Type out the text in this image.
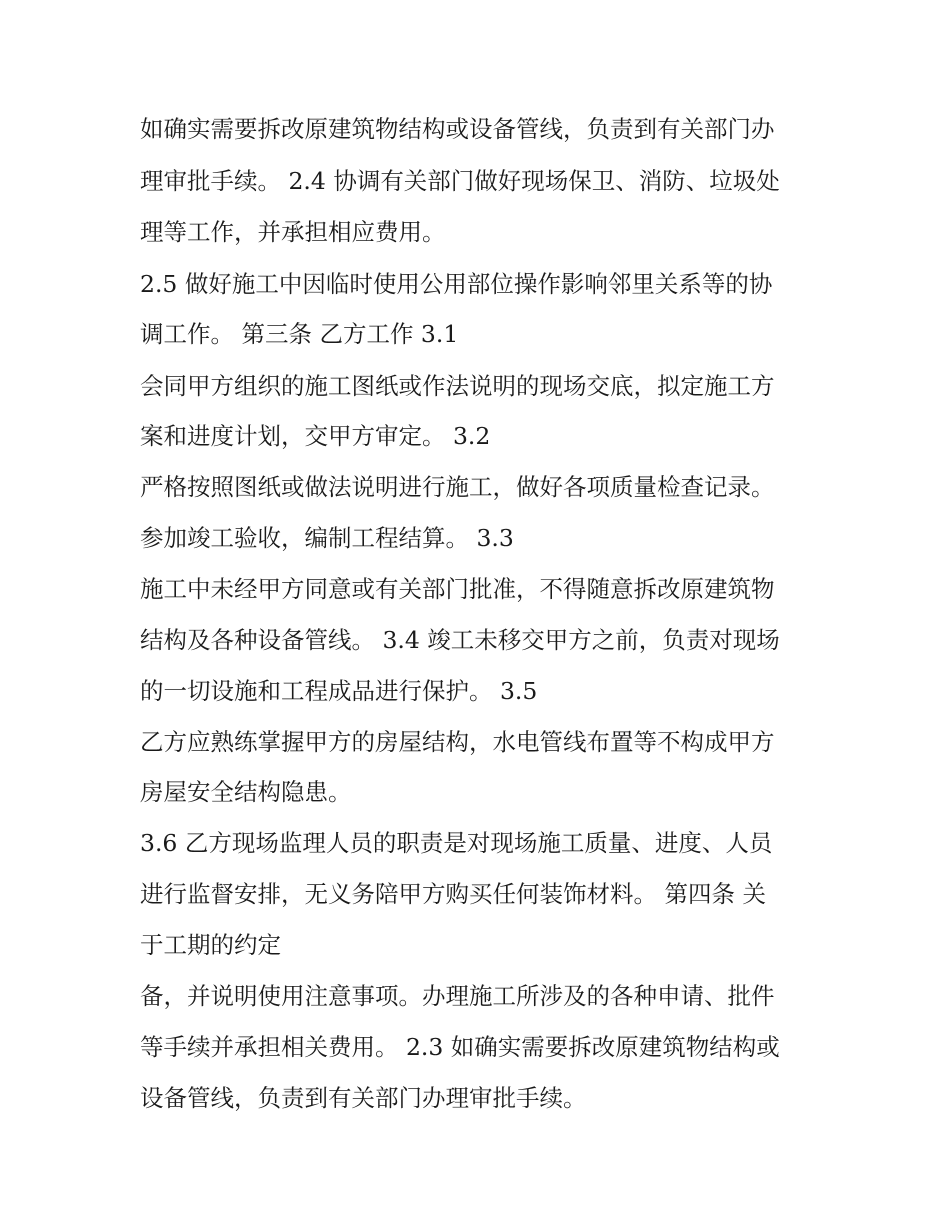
如确实需要拆改原建筑物结构或设备管线，负责到有关部门办
理审批手续。 2.4 协调有关部门做好现场保卫、消防、垃圾处
理等工作，并承担相应费用。
2.5 做好施工中因临时使用公用部位操作影响邻里关系等的协
调工作。 第三条 乙方工作 3.1
会同甲方组织的施工图纸或作法说明的现场交底，拟定施工方
案和进度计划，交甲方审定。 3.2
严格按照图纸或做法说明进行施工，做好各项质量检查记录。
参加竣工验收，编制工程结算。 3.3
施工中未经甲方同意或有关部门批准，不得随意拆改原建筑物
结构及各种设备管线。 3.4 竣工未移交甲方之前，负责对现场
的一切设施和工程成品进行保护。 3.5
乙方应熟练掌握甲方的房屋结构，水电管线布置等不构成甲方
房屋安全结构隐患。
3.6 乙方现场监理人员的职责是对现场施工质量、进度、人员
进行监督安排，无义务陪甲方购买任何装饰材料。 第四条 关
于工期的约定
备，并说明使用注意事项。办理施工所涉及的各种申请、批件
等手续并承担相关费用。 2.3 如确实需要拆改原建筑物结构或
设备管线，负责到有关部门办理审批手续。
